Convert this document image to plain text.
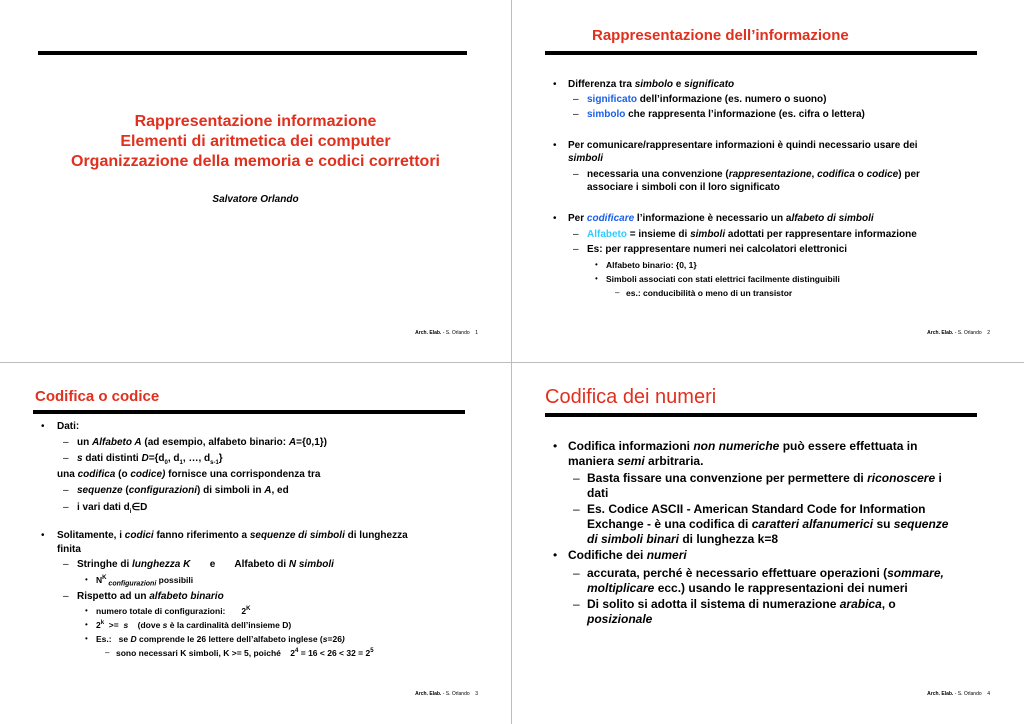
Rappresentazione informazione
Elementi di aritmetica dei computer
Organizzazione della memoria e codici correttori
Salvatore Orlando
Arch. Elab. - S. Orlando 1
Rappresentazione dell’informazione
• Differenza tra simbolo e significato
– significato dell’informazione (es. numero o suono)
– simbolo che rappresenta l’informazione (es. cifra o lettera)
• Per comunicare/rappresentare informazioni è quindi necessario usare dei
simboli
– necessaria una convenzione (rappresentazione, codifica o codice) per
associare i simboli con il loro significato
• Per codificare l’informazione è necessario un alfabeto di simboli
– Alfabeto = insieme di simboli adottati per rappresentare informazione
– Es: per rappresentare numeri nei calcolatori elettronici
• Alfabeto binario: {0, 1}
• Simboli associati con stati elettrici facilmente distinguibili
– es.: conducibilità o meno di un transistor
Arch. Elab. - S. Orlando 2
Codifica o codice
• Dati:
– un Alfabeto A (ad esempio, alfabeto binario: A={0,1})
– s dati distinti $D=\{d_0$, $d_1$, …, $d_{s-1}$}
una codifica (o codice) fornisce una corrispondenza tra
– sequenze (configurazioni) di simboli in A, ed
– i vari dati $d_i\in D$
• Solitamente, i codici fanno riferimento a sequenze di simboli di lunghezza
finita
– Stringhe di lunghezza K       e       Alfabeto di N simboli
• $N^K$ $_{configurazioni}$ possibili
– Rispetto ad un alfabeto binario
• numero totale di configurazioni: $2^K$
• 2$^k$  >=  s    (dove s è la cardinalità dell’insieme D)
• Es.:   se D comprende le 26 lettere dell’alfabeto inglese (s=26)
– sono necessari K simboli, K >= 5, poiché    $2^4 = 16 < 26 < 32 = 2^5$
Arch. Elab. - S. Orlando 3
Codifica dei numeri
• Codifica informazioni non numeriche può essere effettuata in
maniera semi arbitraria.
– Basta fissare una convenzione per permettere di riconoscere i
dati
– Es. Codice ASCII - American Standard Code for Information
Exchange - è una codifica di caratteri alfanumerici su sequenze
di simboli binari di lunghezza k=8
• Codifiche dei numeri
– accurata, perché è necessario effettuare operazioni (sommare,
moltiplicare ecc.) usando le rappresentazioni dei numeri
– Di solito si adotta il sistema di numerazione arabica, o
posizionale
Arch. Elab. - S. Orlando 4
